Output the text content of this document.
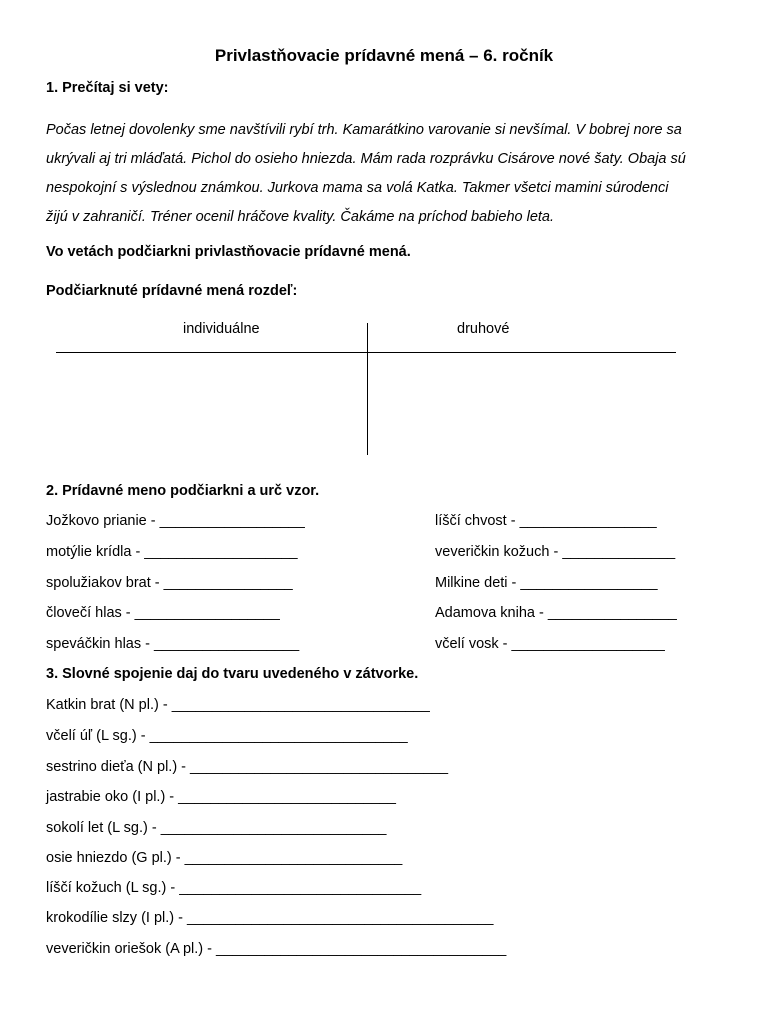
Privlastňovacie prídavné mená – 6. ročník
1. Prečítaj si vety:
Počas letnej dovolenky sme navštívili rybí trh. Kamarátkino varovanie si nevšímal. V bobrej nore sa
ukrývali aj tri mláďatá. Pichol do osieho hniezda. Mám rada rozprávku Cisárove nové šaty. Obaja sú
nespokojní s výslednou známkou. Jurkova mama sa volá Katka. Takmer všetci mamini súrodenci
žijú v zahraničí. Tréner ocenil hráčove kvality. Čakáme na príchod babieho leta.
Vo vetách podčiarkni privlastňovacie prídavné mená.
Podčiarknuté prídavné mená rozdeľ:
individuálne	druhové
2. Prídavné meno podčiarkni a urč vzor.
Jožkovo prianie - __________________
motýlie krídla - ___________________
spolužiakov brat - ________________
človečí hlas - __________________
speváčkin hlas - __________________
líščí chvost - _________________
veveričkin kožuch - ______________
Milkine deti - _________________
Adamova kniha - ________________
včelí vosk - ___________________
3. Slovné spojenie daj do tvaru uvedeného v zátvorke.
Katkin brat (N pl.) - ________________________________
včelí úľ (L sg.) - ________________________________
sestrino dieťa (N pl.) - ________________________________
jastrabie oko (I pl.) - ___________________________
sokolí let (L sg.) - ____________________________
osie hniezdo (G pl.) - ___________________________
líščí kožuch (L sg.) - ______________________________
krokodílie slzy (I pl.) - ______________________________________
veveričkin oriešok (A pl.) - ____________________________________
